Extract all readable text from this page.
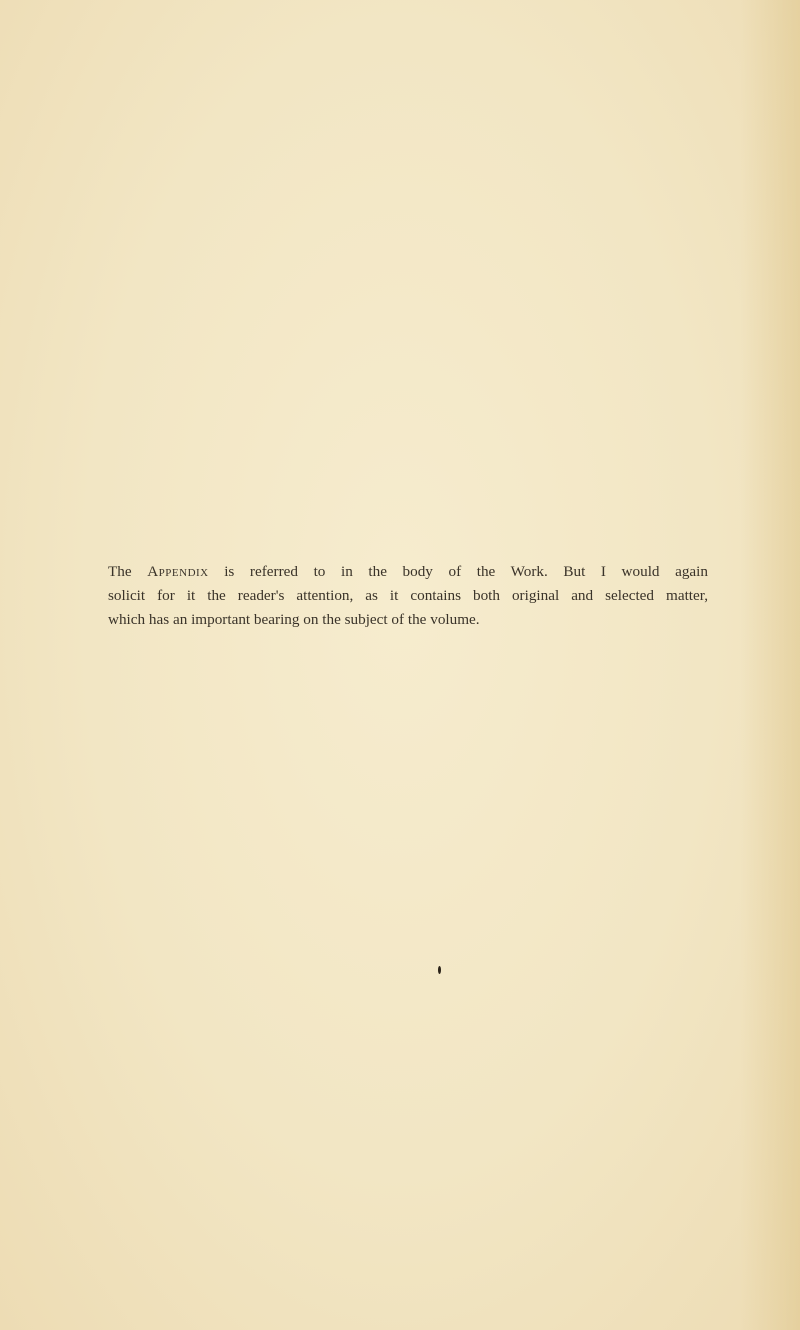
The Appendix is referred to in the body of the Work. But I would again
solicit for it the reader's attention, as it contains both original and selected matter,
which has an important bearing on the subject of the volume.
